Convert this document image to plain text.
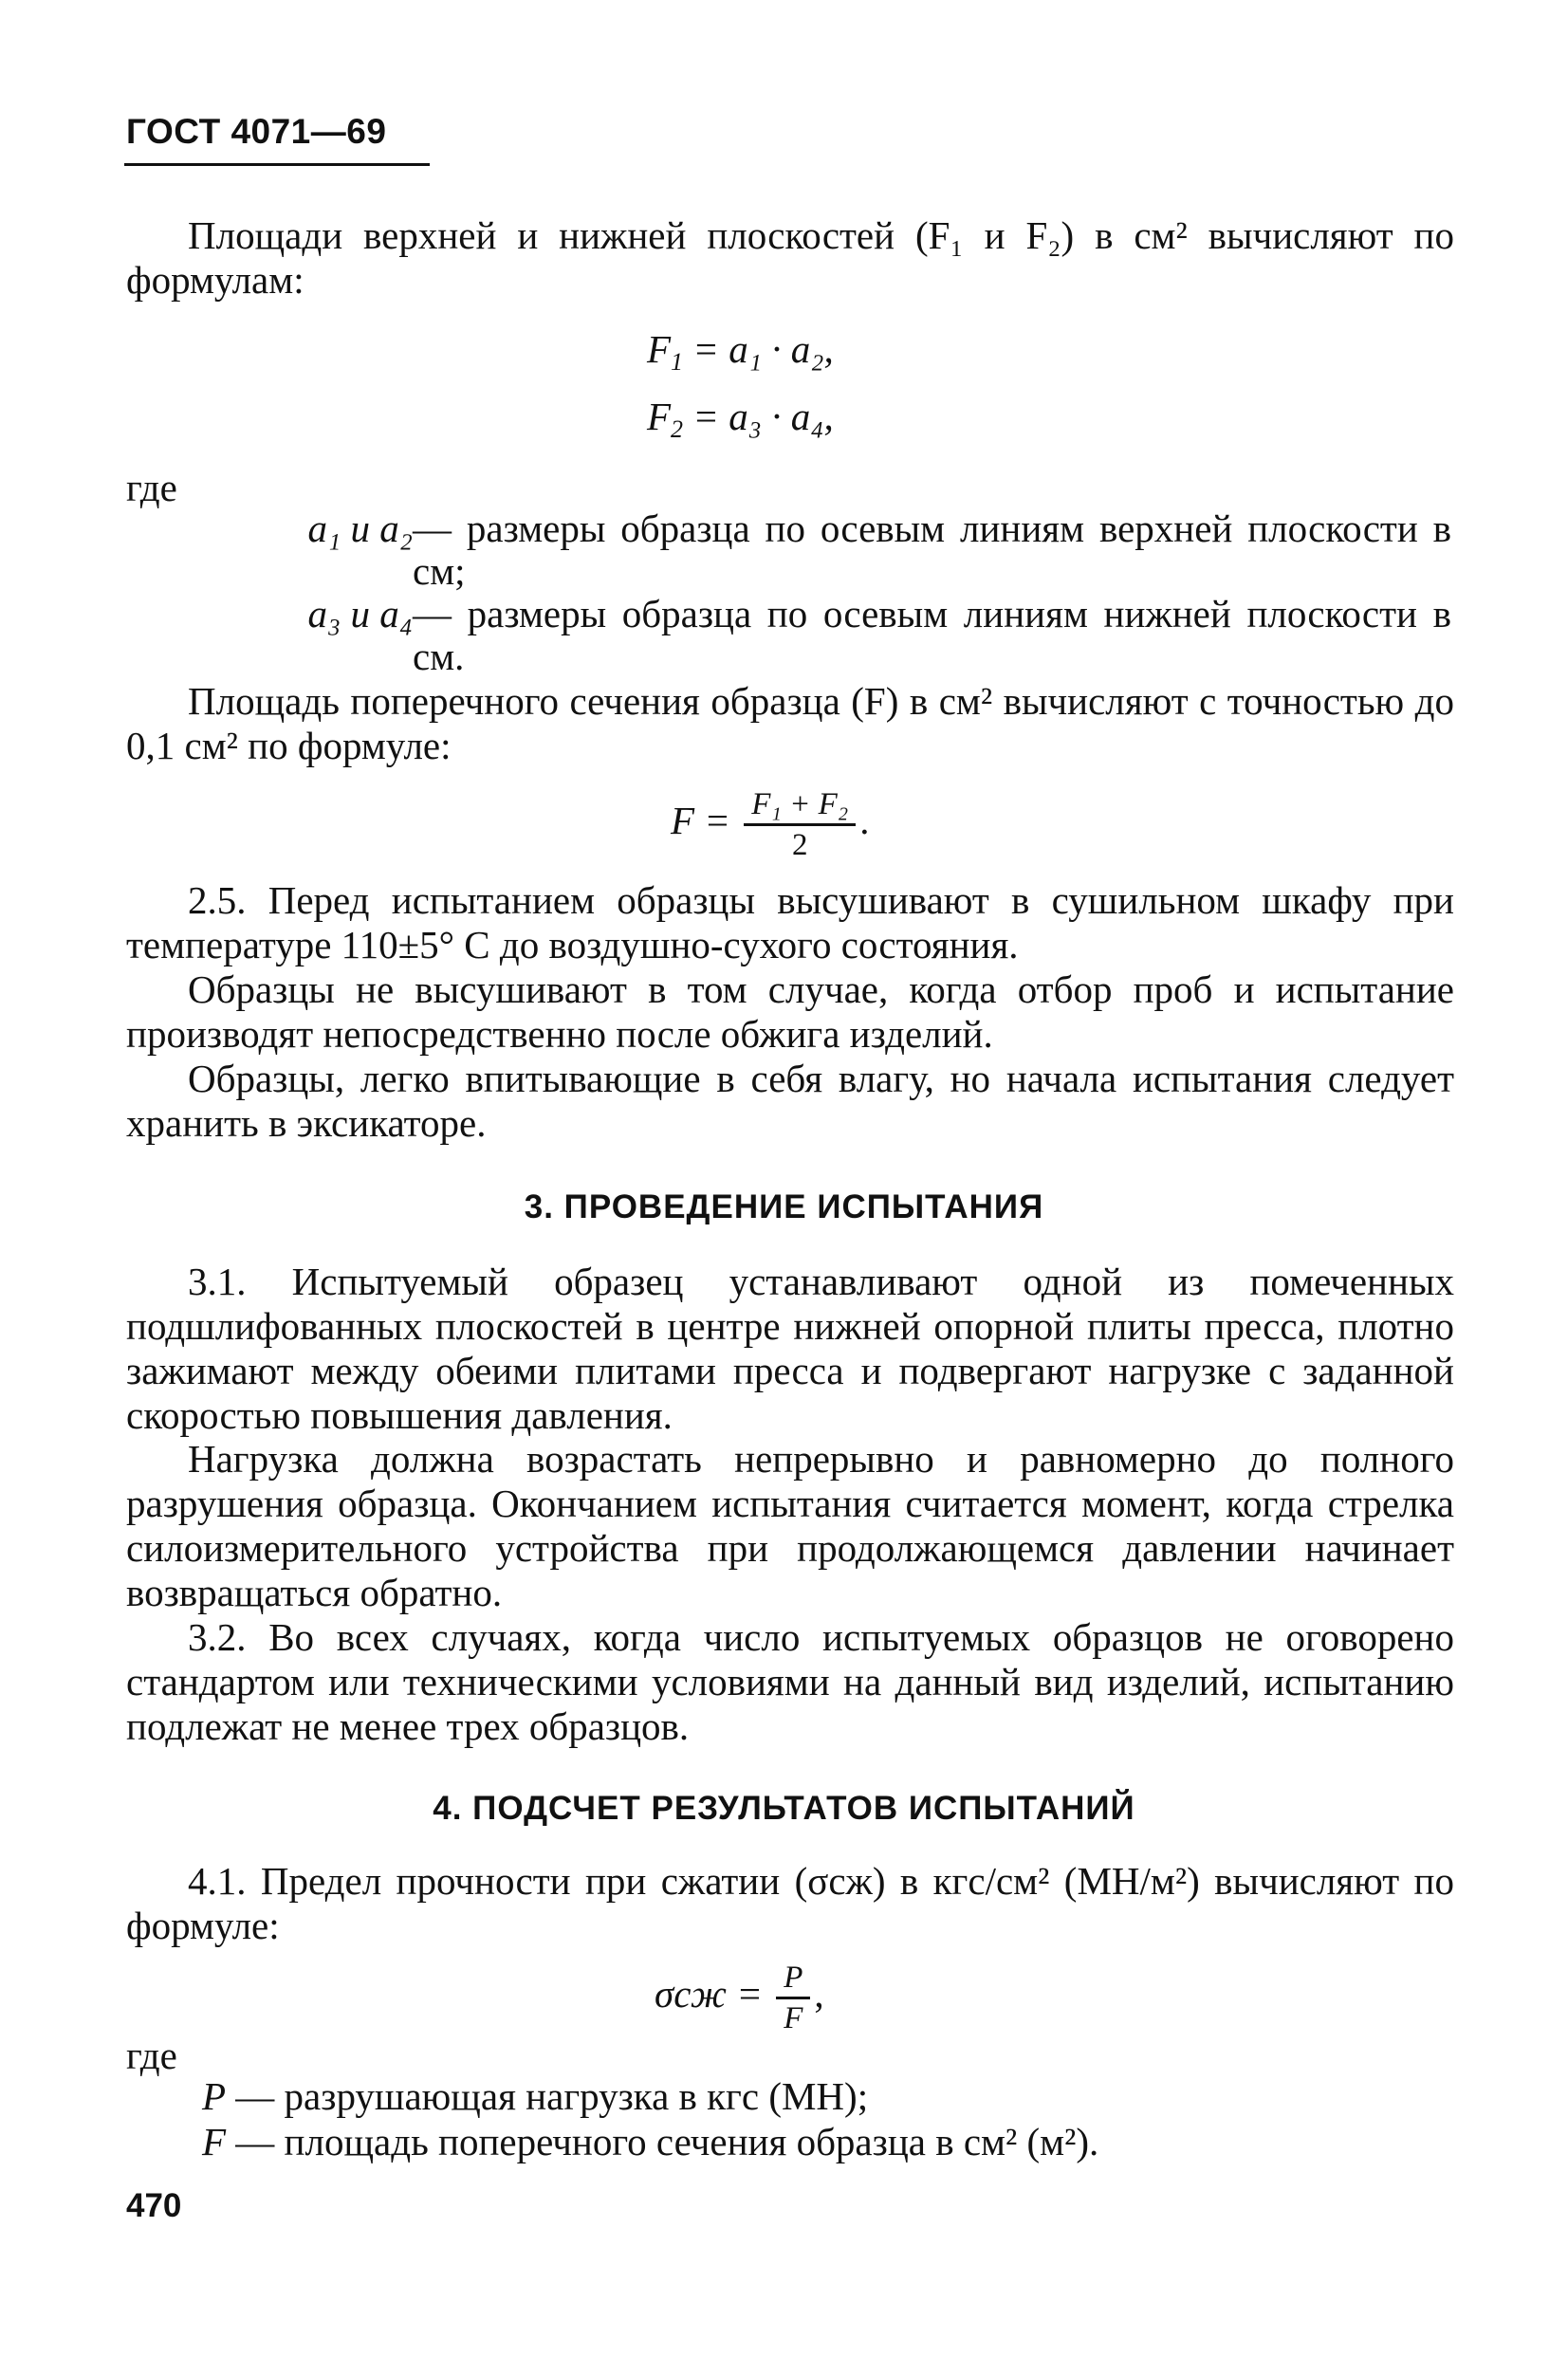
ГОСТ 4071—69

Площади верхней и нижней плоскостей (F₁ и F₂) в см² вычисляют по формулам:

$F_1 = a_1 \cdot a_2$,
$F_2 = a_3 \cdot a_4$,
где
a₁ и a₂— размеры образца по осевым линиям верхней плоскости в см;
a₃ и a₄— размеры образца по осевым линиям нижней плоскости в см.

Площадь поперечного сечения образца (F) в см² вычисляют с точностью до 0,1 см² по формуле:

$F = \frac{\text{F₁ + F₂}}{2}$ .

2.5. Перед испытанием образцы высушивают в сушильном шкафу при температуре 110±5° С до воздушно-сухого состояния.

Образцы не высушивают в том случае, когда отбор проб и испытание производят непосредственно после обжига изделий.

Образцы, легко впитывающие в себя влагу, но начала испытания следует хранить в эксикаторе.

3. ПРОВЕДЕНИЕ ИСПЫТАНИЯ

3.1. Испытуемый образец устанавливают одной из помеченных подшлифованных плоскостей в центре нижней опорной плиты пресса, плотно зажимают между обеими плитами пресса и подвергают нагрузке с заданной скоростью повышения давления.

Нагрузка должна возрастать непрерывно и равномерно до полного разрушения образца. Окончанием испытания считается момент, когда стрелка силоизмерительного устройства при продолжающемся давлении начинает возвращаться обратно.

3.2. Во всех случаях, когда число испытуемых образцов не оговорено стандартом или техническими условиями на данный вид изделий, испытанию подлежат не менее трех образцов.

4. ПОДСЧЕТ РЕЗУЛЬТАТОВ ИСПЫТАНИЙ

4.1. Предел прочности при сжатии (σсж) в кгс/см² (МН/м²) вычисляют по формуле:

$\sigma сж = \frac{P}{F}$ ,
где
P — разрушающая нагрузка в кгс (МН);
F — площадь поперечного сечения образца в см² (м²).
470
